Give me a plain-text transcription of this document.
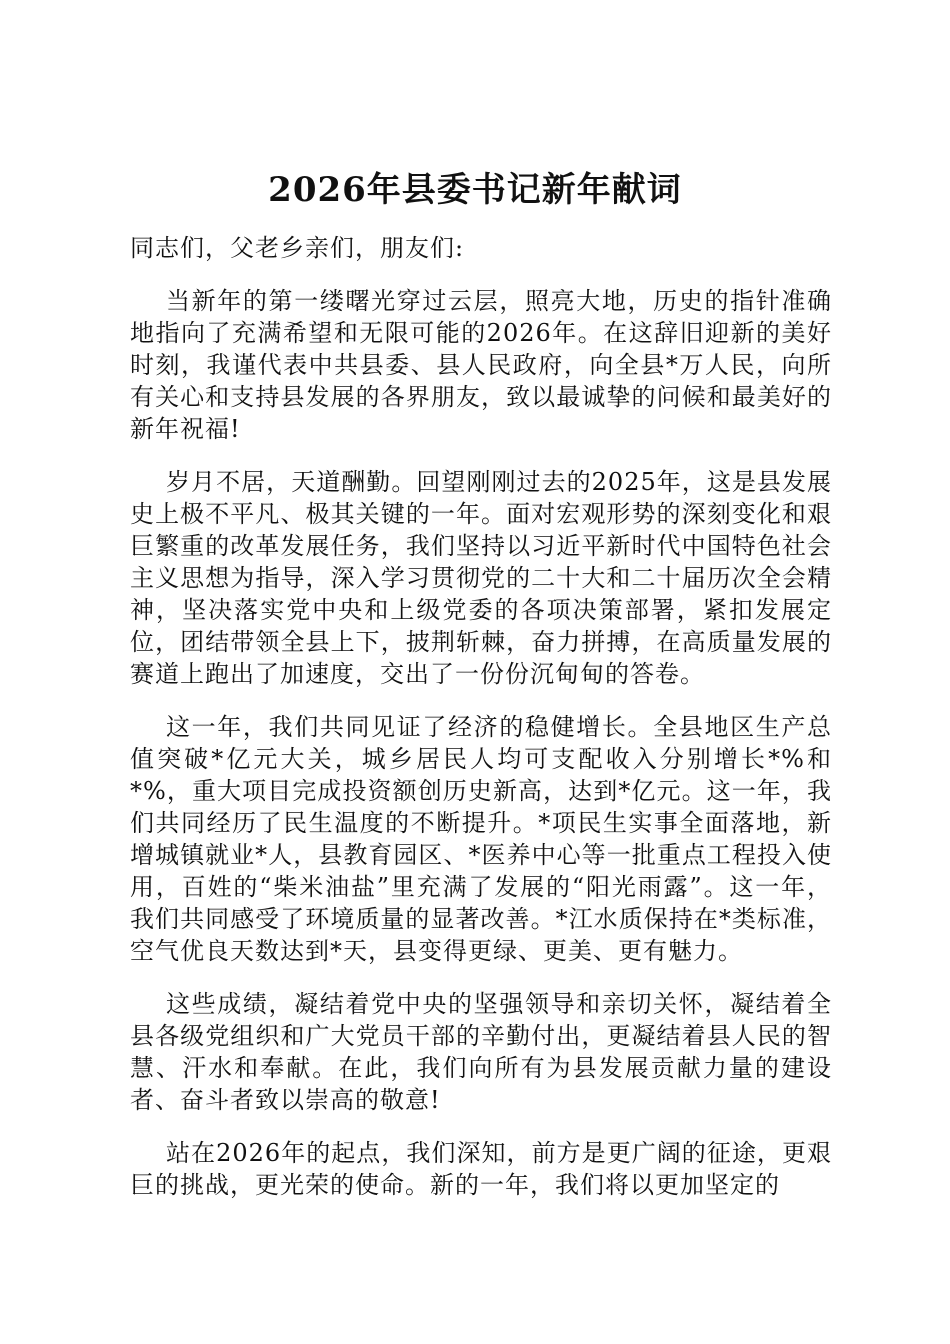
2026年县委书记新年献词

同志们，父老乡亲们，朋友们:

当新年的第一缕曙光穿过云层，照亮大地，历史的指针准确地指向了充满希望和无限可能的2026年。在这辞旧迎新的美好时刻，我谨代表中共县委、县人民政府，向全县*万人民，向所有关心和支持县发展的各界朋友，致以最诚挚的问候和最美好的新年祝福!

岁月不居，天道酬勤。回望刚刚过去的2025年，这是县发展史上极不平凡、极其关键的一年。面对宏观形势的深刻变化和艰巨繁重的改革发展任务，我们坚持以习近平新时代中国特色社会主义思想为指导，深入学习贯彻党的二十大和二十届历次全会精神，坚决落实党中央和上级党委的各项决策部署，紧扣发展定位，团结带领全县上下，披荆斩棘，奋力拼搏，在高质量发展的赛道上跑出了加速度，交出了一份份沉甸甸的答卷。

这一年，我们共同见证了经济的稳健增长。全县地区生产总值突破*亿元大关，城乡居民人均可支配收入分别增长*%和*%，重大项目完成投资额创历史新高，达到*亿元。这一年，我们共同经历了民生温度的不断提升。*项民生实事全面落地，新增城镇就业*人，县教育园区、*医养中心等一批重点工程投入使用，百姓的“柴米油盐”里充满了发展的“阳光雨露”。这一年，我们共同感受了环境质量的显著改善。*江水质保持在*类标准，空气优良天数达到*天，县变得更绿、更美、更有魅力。

这些成绩，凝结着党中央的坚强领导和亲切关怀，凝结着全县各级党组织和广大党员干部的辛勤付出，更凝结着县人民的智慧、汗水和奉献。在此，我们向所有为县发展贡献力量的建设者、奋斗者致以崇高的敬意!

站在2026年的起点，我们深知，前方是更广阔的征途，更艰巨的挑战，更光荣的使命。新的一年，我们将以更加坚定的
